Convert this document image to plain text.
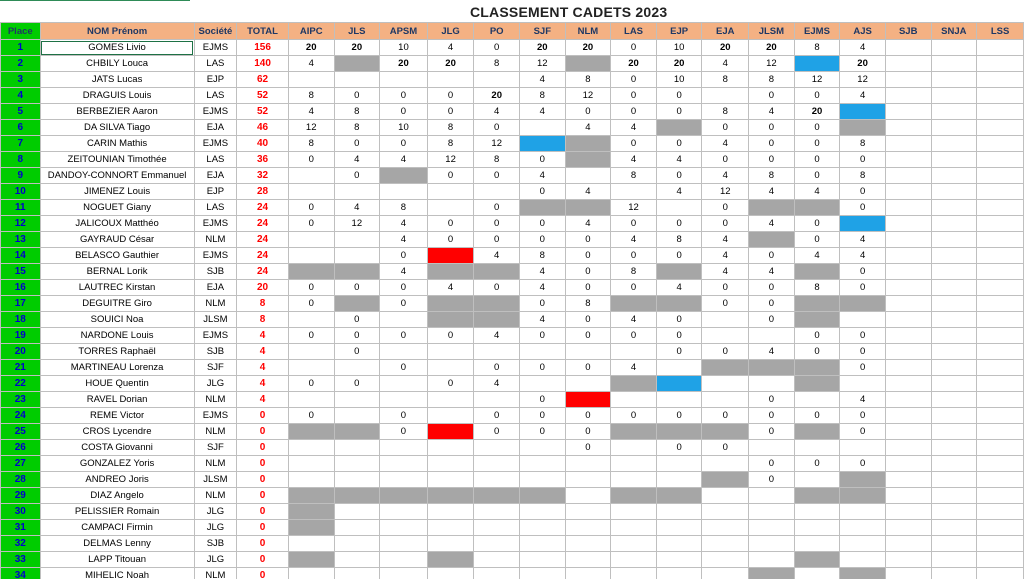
CLASSEMENT CADETS 2023
Place	NOM Prénom	Société	TOTAL	AIPC	JLS	APSM	JLG	PO	SJF	NLM	LAS	EJP	EJA	JLSM	EJMS	AJS	SJB	SNJA	LSS
1	GOMES Livio	EJMS	156	20	20	10	4	0	20	20	0	10	20	20	8	4			
2	CHBILY Louca	LAS	140	4		20	20	8	12		20	20	4	12		20			
3	JATS Lucas	EJP	62						4	8	0	10	8	8	12	12			
4	DRAGUIS Louis	LAS	52	8	0	0	0	20	8	12	0	0		0	0	4			
5	BERBEZIER Aaron	EJMS	52	4	8	0	0	4	4	0	0	0	8	4	20				
6	DA SILVA Tiago	EJA	46	12	8	10	8	0		4	4		0	0	0				
7	CARIN Mathis	EJMS	40	8	0	0	8	12			0	0	4	0	0	8			
8	ZEITOUNIAN Timothée	LAS	36	0	4	4	12	8	0		4	4	0	0	0	0			
9	DANDOY-CONNORT Emmanuel	EJA	32		0		0	0	4		8	0	4	8	0	8			
10	JIMENEZ Louis	EJP	28						0	4		4	12	4	4	0			
11	NOGUET Giany	LAS	24	0	4	8		0			12		0			0			
12	JALICOUX Matthéo	EJMS	24	0	12	4	0	0	0	4	0	0	0	4	0				
13	GAYRAUD César	NLM	24			4	0	0	0	0	4	8	4		0	4			
14	BELASCO Gauthier	EJMS	24			0		4	8	0	0	0	4	0	4	4			
15	BERNAL Lorik	SJB	24			4			4	0	8		4	4		0			
16	LAUTREC Kirstan	EJA	20	0	0	0	4	0	4	0	0	4	0	0	8	0			
17	DEGUITRE Giro	NLM	8	0		0			0	8			0	0					
18	SOUICI Noa	JLSM	8		0				4	0	4	0		0					
19	NARDONE Louis	EJMS	4	0	0	0	0	4	0	0	0	0			0	0			
20	TORRES Raphaël	SJB	4		0							0	0	4	0	0			
21	MARTINEAU Lorenza	SJF	4			0		0	0	0	4					0			
22	HOUE Quentin	JLG	4	0	0		0	4											
23	RAVEL Dorian	NLM	4						0					0		4			
24	REME Victor	EJMS	0	0		0		0	0	0	0	0	0	0	0	0			
25	CROS Lycendre	NLM	0			0		0	0	0				0		0			
26	COSTA Giovanni	SJF	0							0		0	0						
27	GONZALEZ Yoris	NLM	0											0	0	0			
28	ANDREO Joris	JLSM	0											0					
29	DIAZ Angelo	NLM	0																
30	PELISSIER Romain	JLG	0																
31	CAMPACI Firmin	JLG	0																
32	DELMAS Lenny	SJB	0																
33	LAPP Titouan	JLG	0																
34	MIHELIC Noah	NLM	0																
